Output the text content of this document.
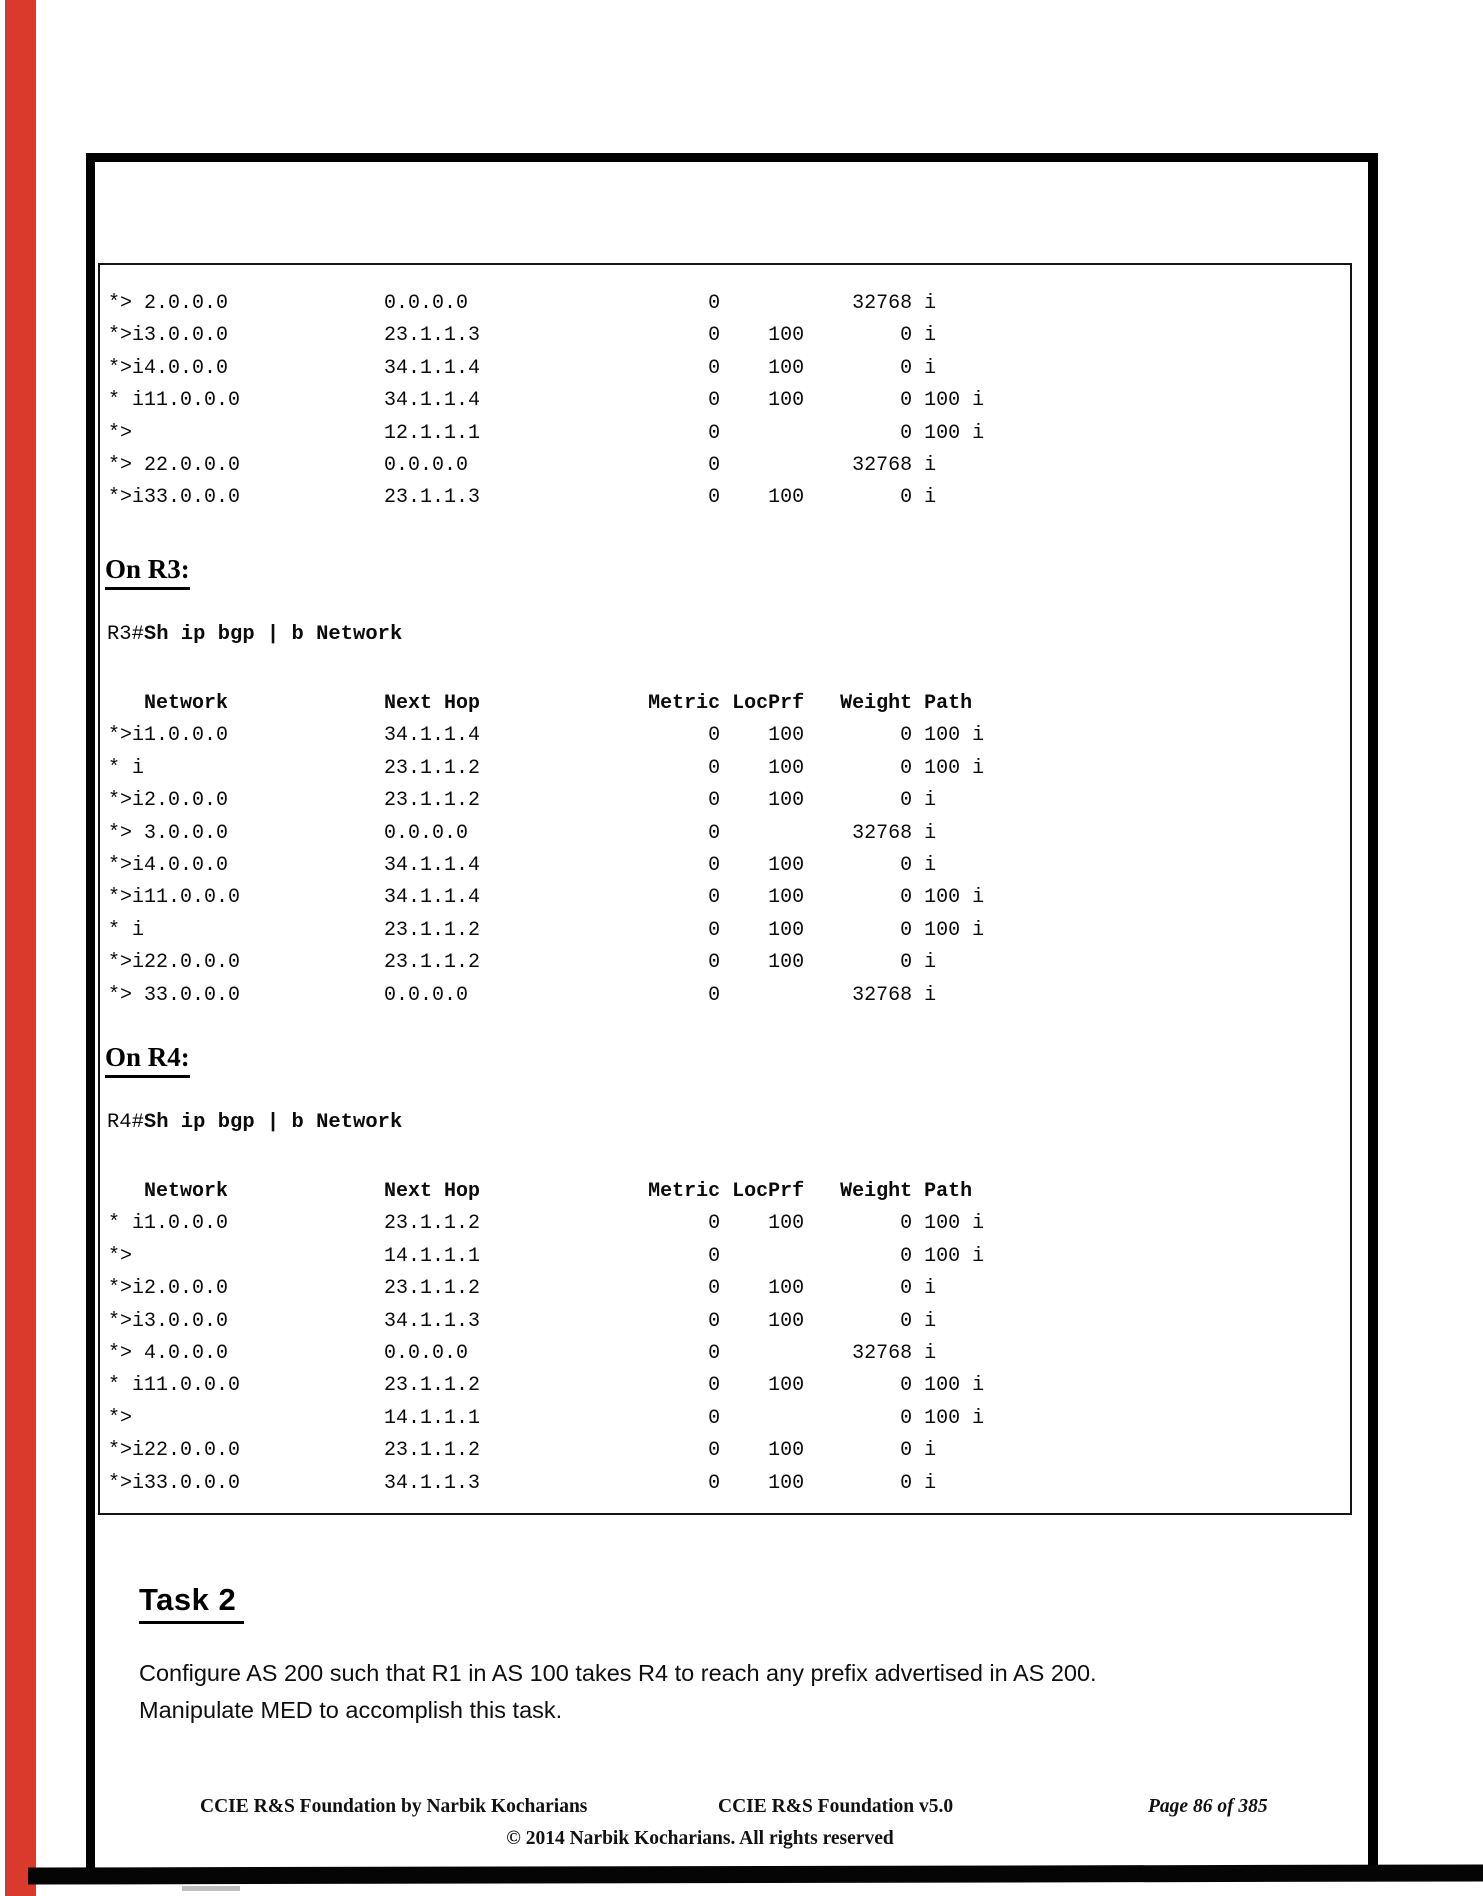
*> 2.0.0.0             0.0.0.0                    0           32768 i
*>i3.0.0.0             23.1.1.3                   0    100        0 i
*>i4.0.0.0             34.1.1.4                   0    100        0 i
* i11.0.0.0            34.1.1.4                   0    100        0 100 i
*>                     12.1.1.1                   0               0 100 i
*> 22.0.0.0            0.0.0.0                    0           32768 i
*>i33.0.0.0            23.1.1.3                   0    100        0 i
On R3:
R3#Sh ip bgp | b Network
Network             Next Hop              Metric LocPrf   Weight Path
*>i1.0.0.0             34.1.1.4                   0    100        0 100 i
* i                    23.1.1.2                   0    100        0 100 i
*>i2.0.0.0             23.1.1.2                   0    100        0 i
*> 3.0.0.0             0.0.0.0                    0           32768 i
*>i4.0.0.0             34.1.1.4                   0    100        0 i
*>i11.0.0.0            34.1.1.4                   0    100        0 100 i
* i                    23.1.1.2                   0    100        0 100 i
*>i22.0.0.0            23.1.1.2                   0    100        0 i
*> 33.0.0.0            0.0.0.0                    0           32768 i
On R4:
R4#Sh ip bgp | b Network
Network             Next Hop              Metric LocPrf   Weight Path
* i1.0.0.0             23.1.1.2                   0    100        0 100 i
*>                     14.1.1.1                   0               0 100 i
*>i2.0.0.0             23.1.1.2                   0    100        0 i
*>i3.0.0.0             34.1.1.3                   0    100        0 i
*> 4.0.0.0             0.0.0.0                    0           32768 i
* i11.0.0.0            23.1.1.2                   0    100        0 100 i
*>                     14.1.1.1                   0               0 100 i
*>i22.0.0.0            23.1.1.2                   0    100        0 i
*>i33.0.0.0            34.1.1.3                   0    100        0 i
Task 2
Configure AS 200 such that R1 in AS 100 takes R4 to reach any prefix advertised in AS 200.
Manipulate MED to accomplish this task.
CCIE R&S Foundation by Narbik Kocharians	CCIE R&S Foundation v5.0	Page 86 of 385
© 2014 Narbik Kocharians. All rights reserved
